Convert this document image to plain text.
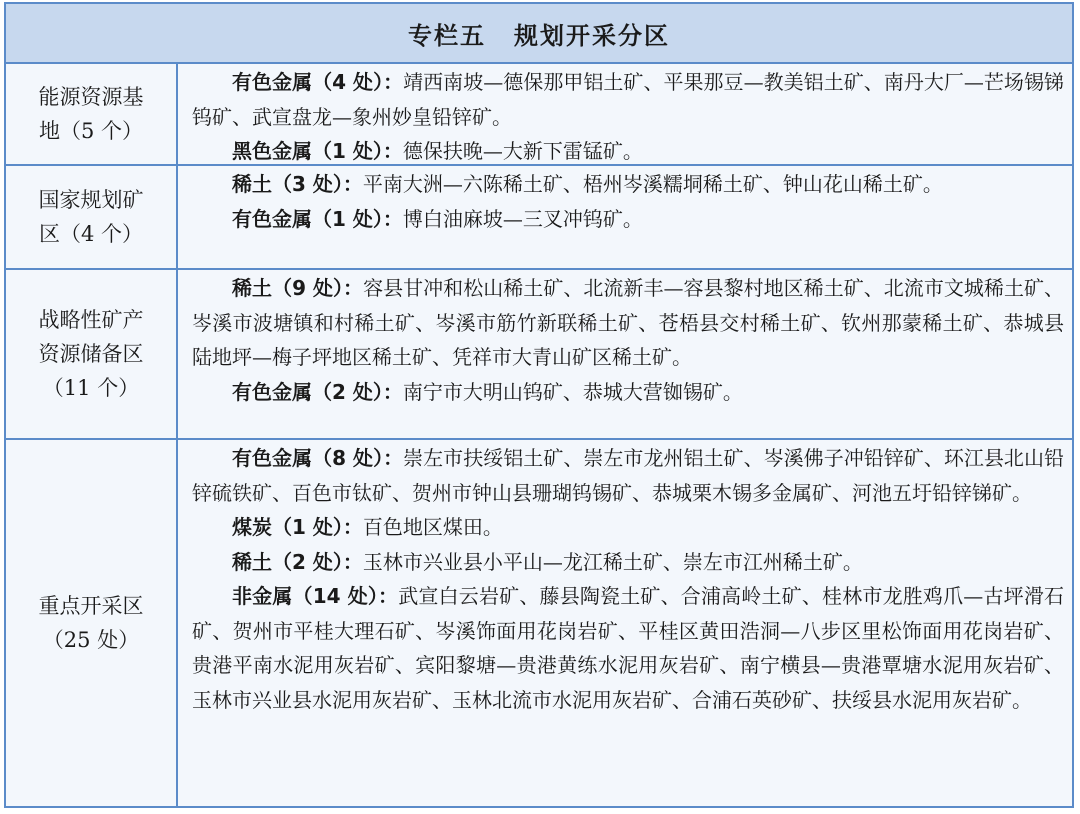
专栏五 规划开采分区
能源资源基
地（5 个）
有色金属（4 处）：靖西南坡—德保那甲铝土矿、平果那豆—教美铝土矿、南丹大厂—芒场锡锑钨矿、武宣盘龙—象州妙皇铅锌矿。
黑色金属（1 处）：德保扶晚—大新下雷锰矿。
国家规划矿
区（4 个）
稀土（3 处）：平南大洲—六陈稀土矿、梧州岑溪糯垌稀土矿、钟山花山稀土矿。
有色金属（1 处）：博白油麻坡—三叉冲钨矿。
战略性矿产
资源储备区
（11 个）
稀土（9 处）：容县甘冲和松山稀土矿、北流新丰—容县黎村地区稀土矿、北流市文城稀土矿、岑溪市波塘镇和村稀土矿、岑溪市筋竹新联稀土矿、苍梧县交村稀土矿、钦州那蒙稀土矿、恭城县陆地坪—梅子坪地区稀土矿、凭祥市大青山矿区稀土矿。
有色金属（2 处）：南宁市大明山钨矿、恭城大营铷锡矿。
重点开采区
（25 处）
有色金属（8 处）：崇左市扶绥铝土矿、崇左市龙州铝土矿、岑溪佛子冲铅锌矿、环江县北山铅锌硫铁矿、百色市钛矿、贺州市钟山县珊瑚钨锡矿、恭城栗木锡多金属矿、河池五圩铅锌锑矿。
煤炭（1 处）：百色地区煤田。
稀土（2 处）：玉林市兴业县小平山—龙江稀土矿、崇左市江州稀土矿。
非金属（14 处）：武宣白云岩矿、藤县陶瓷土矿、合浦高岭土矿、桂林市龙胜鸡爪—古坪滑石矿、贺州市平桂大理石矿、岑溪饰面用花岗岩矿、平桂区黄田浩洞—八步区里松饰面用花岗岩矿、贵港平南水泥用灰岩矿、宾阳黎塘—贵港黄练水泥用灰岩矿、南宁横县—贵港覃塘水泥用灰岩矿、玉林市兴业县水泥用灰岩矿、玉林北流市水泥用灰岩矿、合浦石英砂矿、扶绥县水泥用灰岩矿。
